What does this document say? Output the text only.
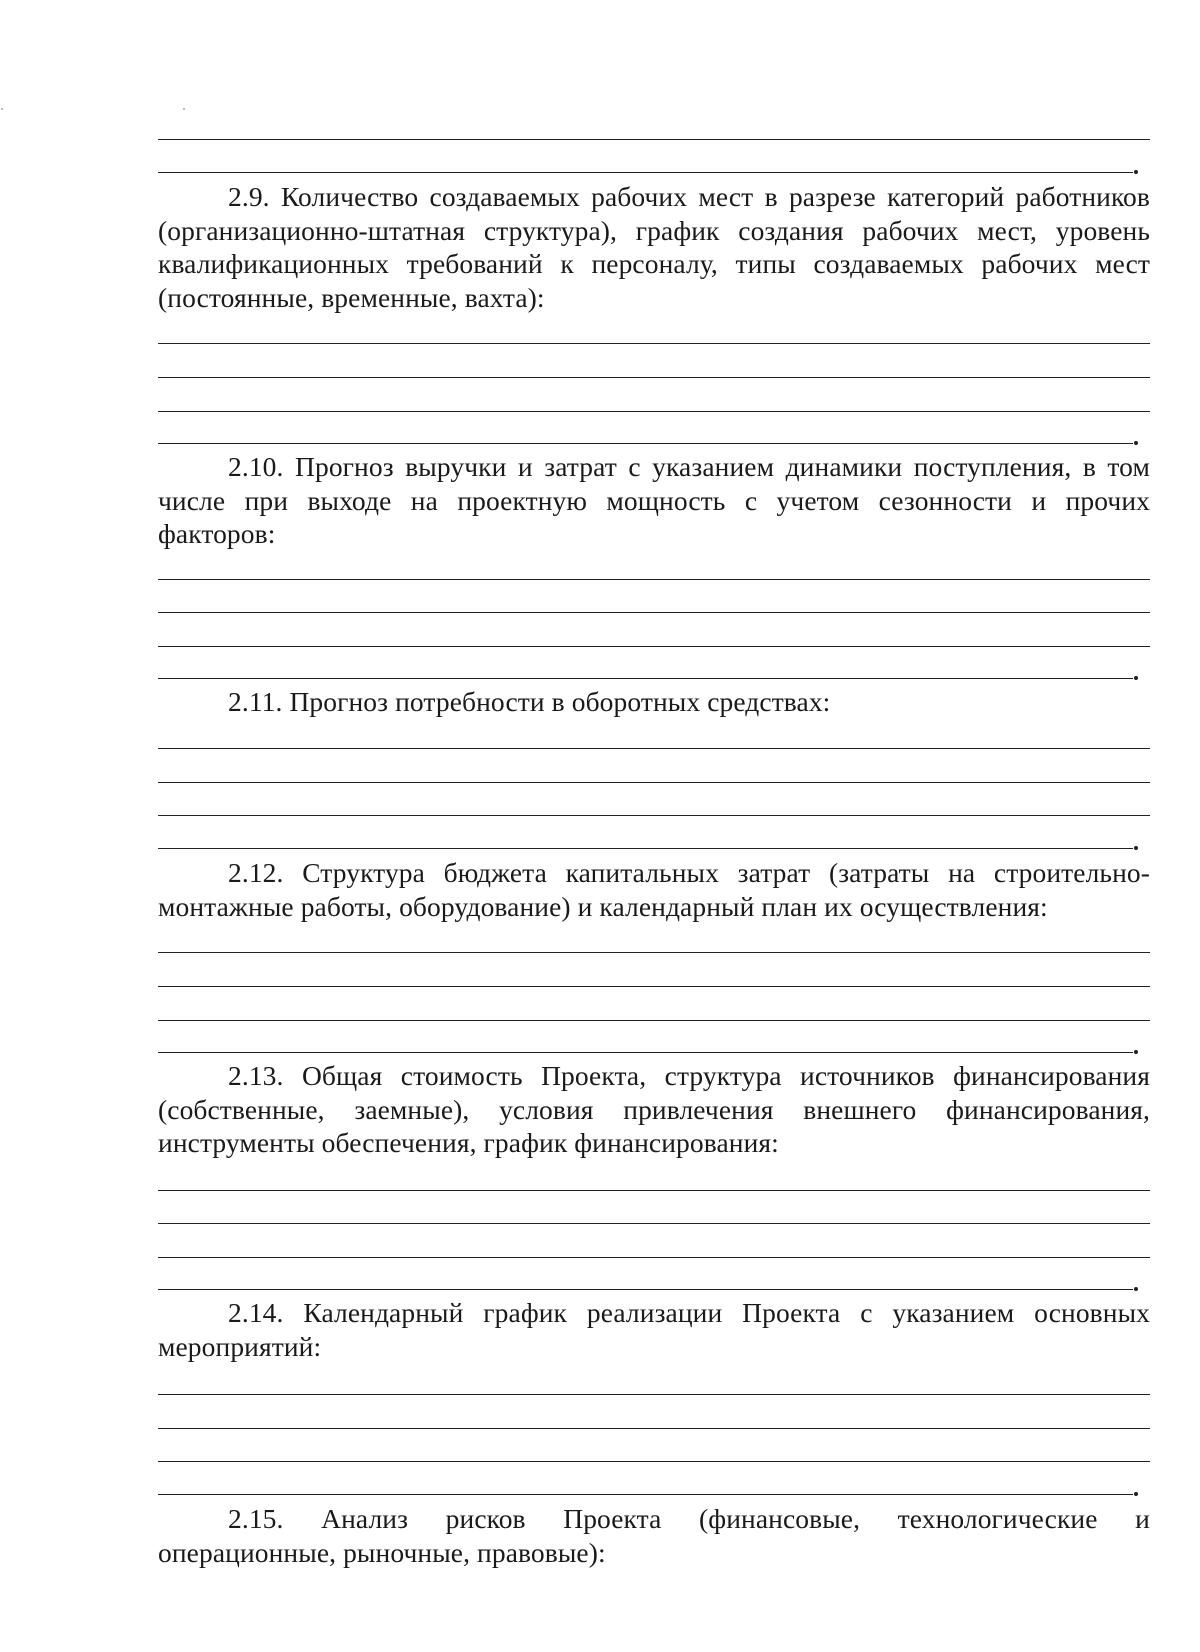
2.9. Количество создаваемых рабочих мест в разрезе категорий работников (организационно-штатная структура), график создания рабочих мест, уровень квалификационных требований к персоналу, типы создаваемых рабочих мест (постоянные, временные, вахта):

2.10. Прогноз выручки и затрат с указанием динамики поступления, в том числе при выходе на проектную мощность с учетом сезонности и прочих факторов:

2.11. Прогноз потребности в оборотных средствах:

2.12. Структура бюджета капитальных затрат (затраты на строительно-монтажные работы, оборудование) и календарный план их осуществления:

2.13. Общая стоимость Проекта, структура источников финансирования (собственные, заемные), условия привлечения внешнего финансирования, инструменты обеспечения, график финансирования:

2.14. Календарный график реализации Проекта с указанием основных мероприятий:

2.15. Анализ рисков Проекта (финансовые, технологические и операционные, рыночные, правовые):
